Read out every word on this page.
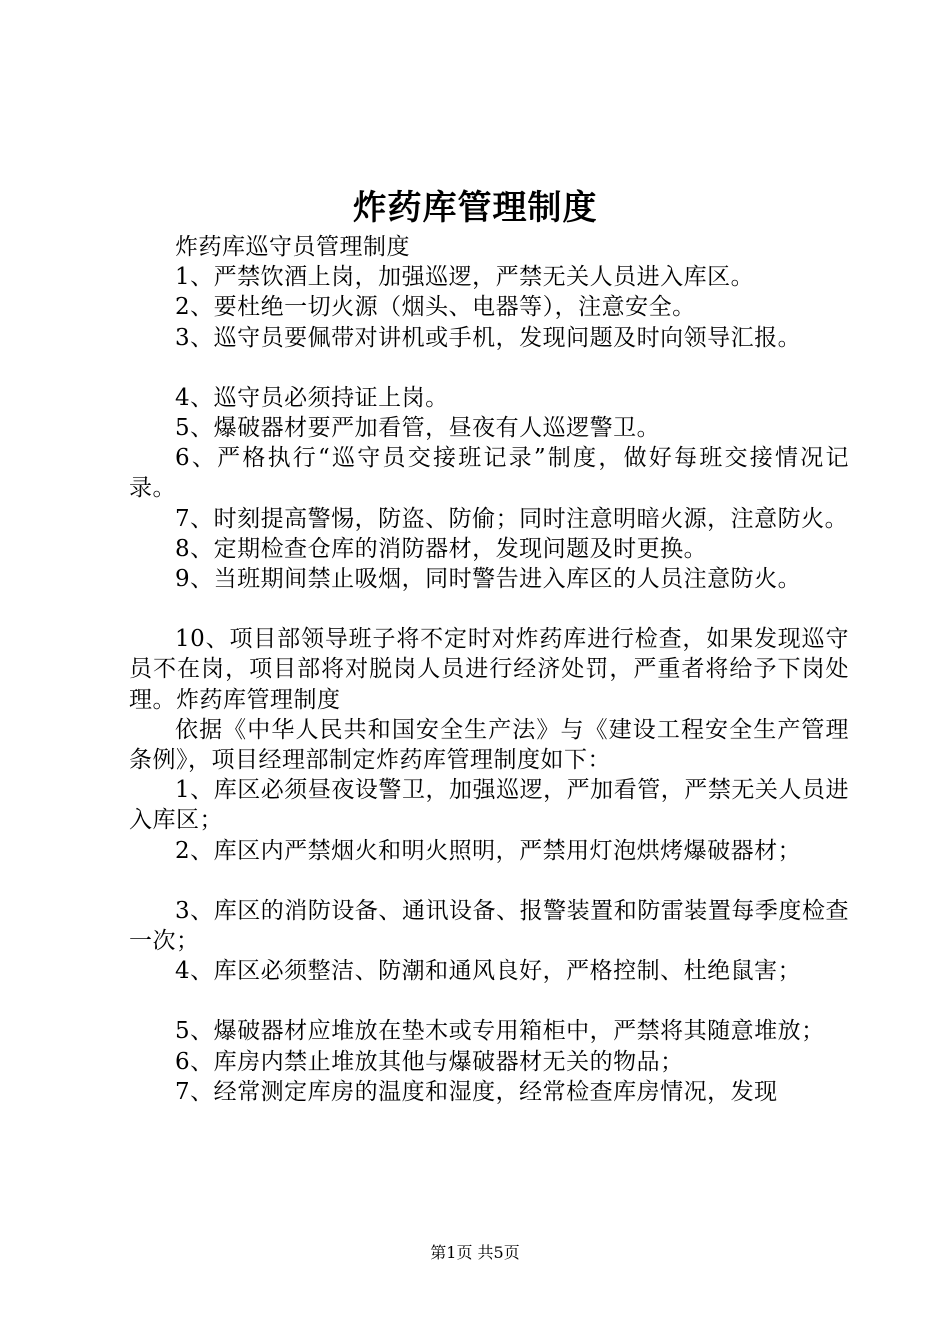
炸药库管理制度

炸药库巡守员管理制度

1、严禁饮酒上岗，加强巡逻，严禁无关人员进入库区。

2、要杜绝一切火源（烟头、电器等），注意安全。

3、巡守员要佩带对讲机或手机，发现问题及时向领导汇报。

4、巡守员必须持证上岗。

5、爆破器材要严加看管，昼夜有人巡逻警卫。

6、严格执行“巡守员交接班记录”制度，做好每班交接情况记录。

7、时刻提高警惕，防盗、防偷；同时注意明暗火源，注意防火。

8、定期检查仓库的消防器材，发现问题及时更换。

9、当班期间禁止吸烟，同时警告进入库区的人员注意防火。

10、项目部领导班子将不定时对炸药库进行检查，如果发现巡守员不在岗，项目部将对脱岗人员进行经济处罚，严重者将给予下岗处理。炸药库管理制度

依据《中华人民共和国安全生产法》与《建设工程安全生产管理条例》，项目经理部制定炸药库管理制度如下：

1、库区必须昼夜设警卫，加强巡逻，严加看管，严禁无关人员进入库区；

2、库区内严禁烟火和明火照明，严禁用灯泡烘烤爆破器材；

3、库区的消防设备、通讯设备、报警装置和防雷装置每季度检查一次；

4、库区必须整洁、防潮和通风良好，严格控制、杜绝鼠害；

5、爆破器材应堆放在垫木或专用箱柜中，严禁将其随意堆放；

6、库房内禁止堆放其他与爆破器材无关的物品；

7、经常测定库房的温度和湿度，经常检查库房情况，发现

第1页 共5页
